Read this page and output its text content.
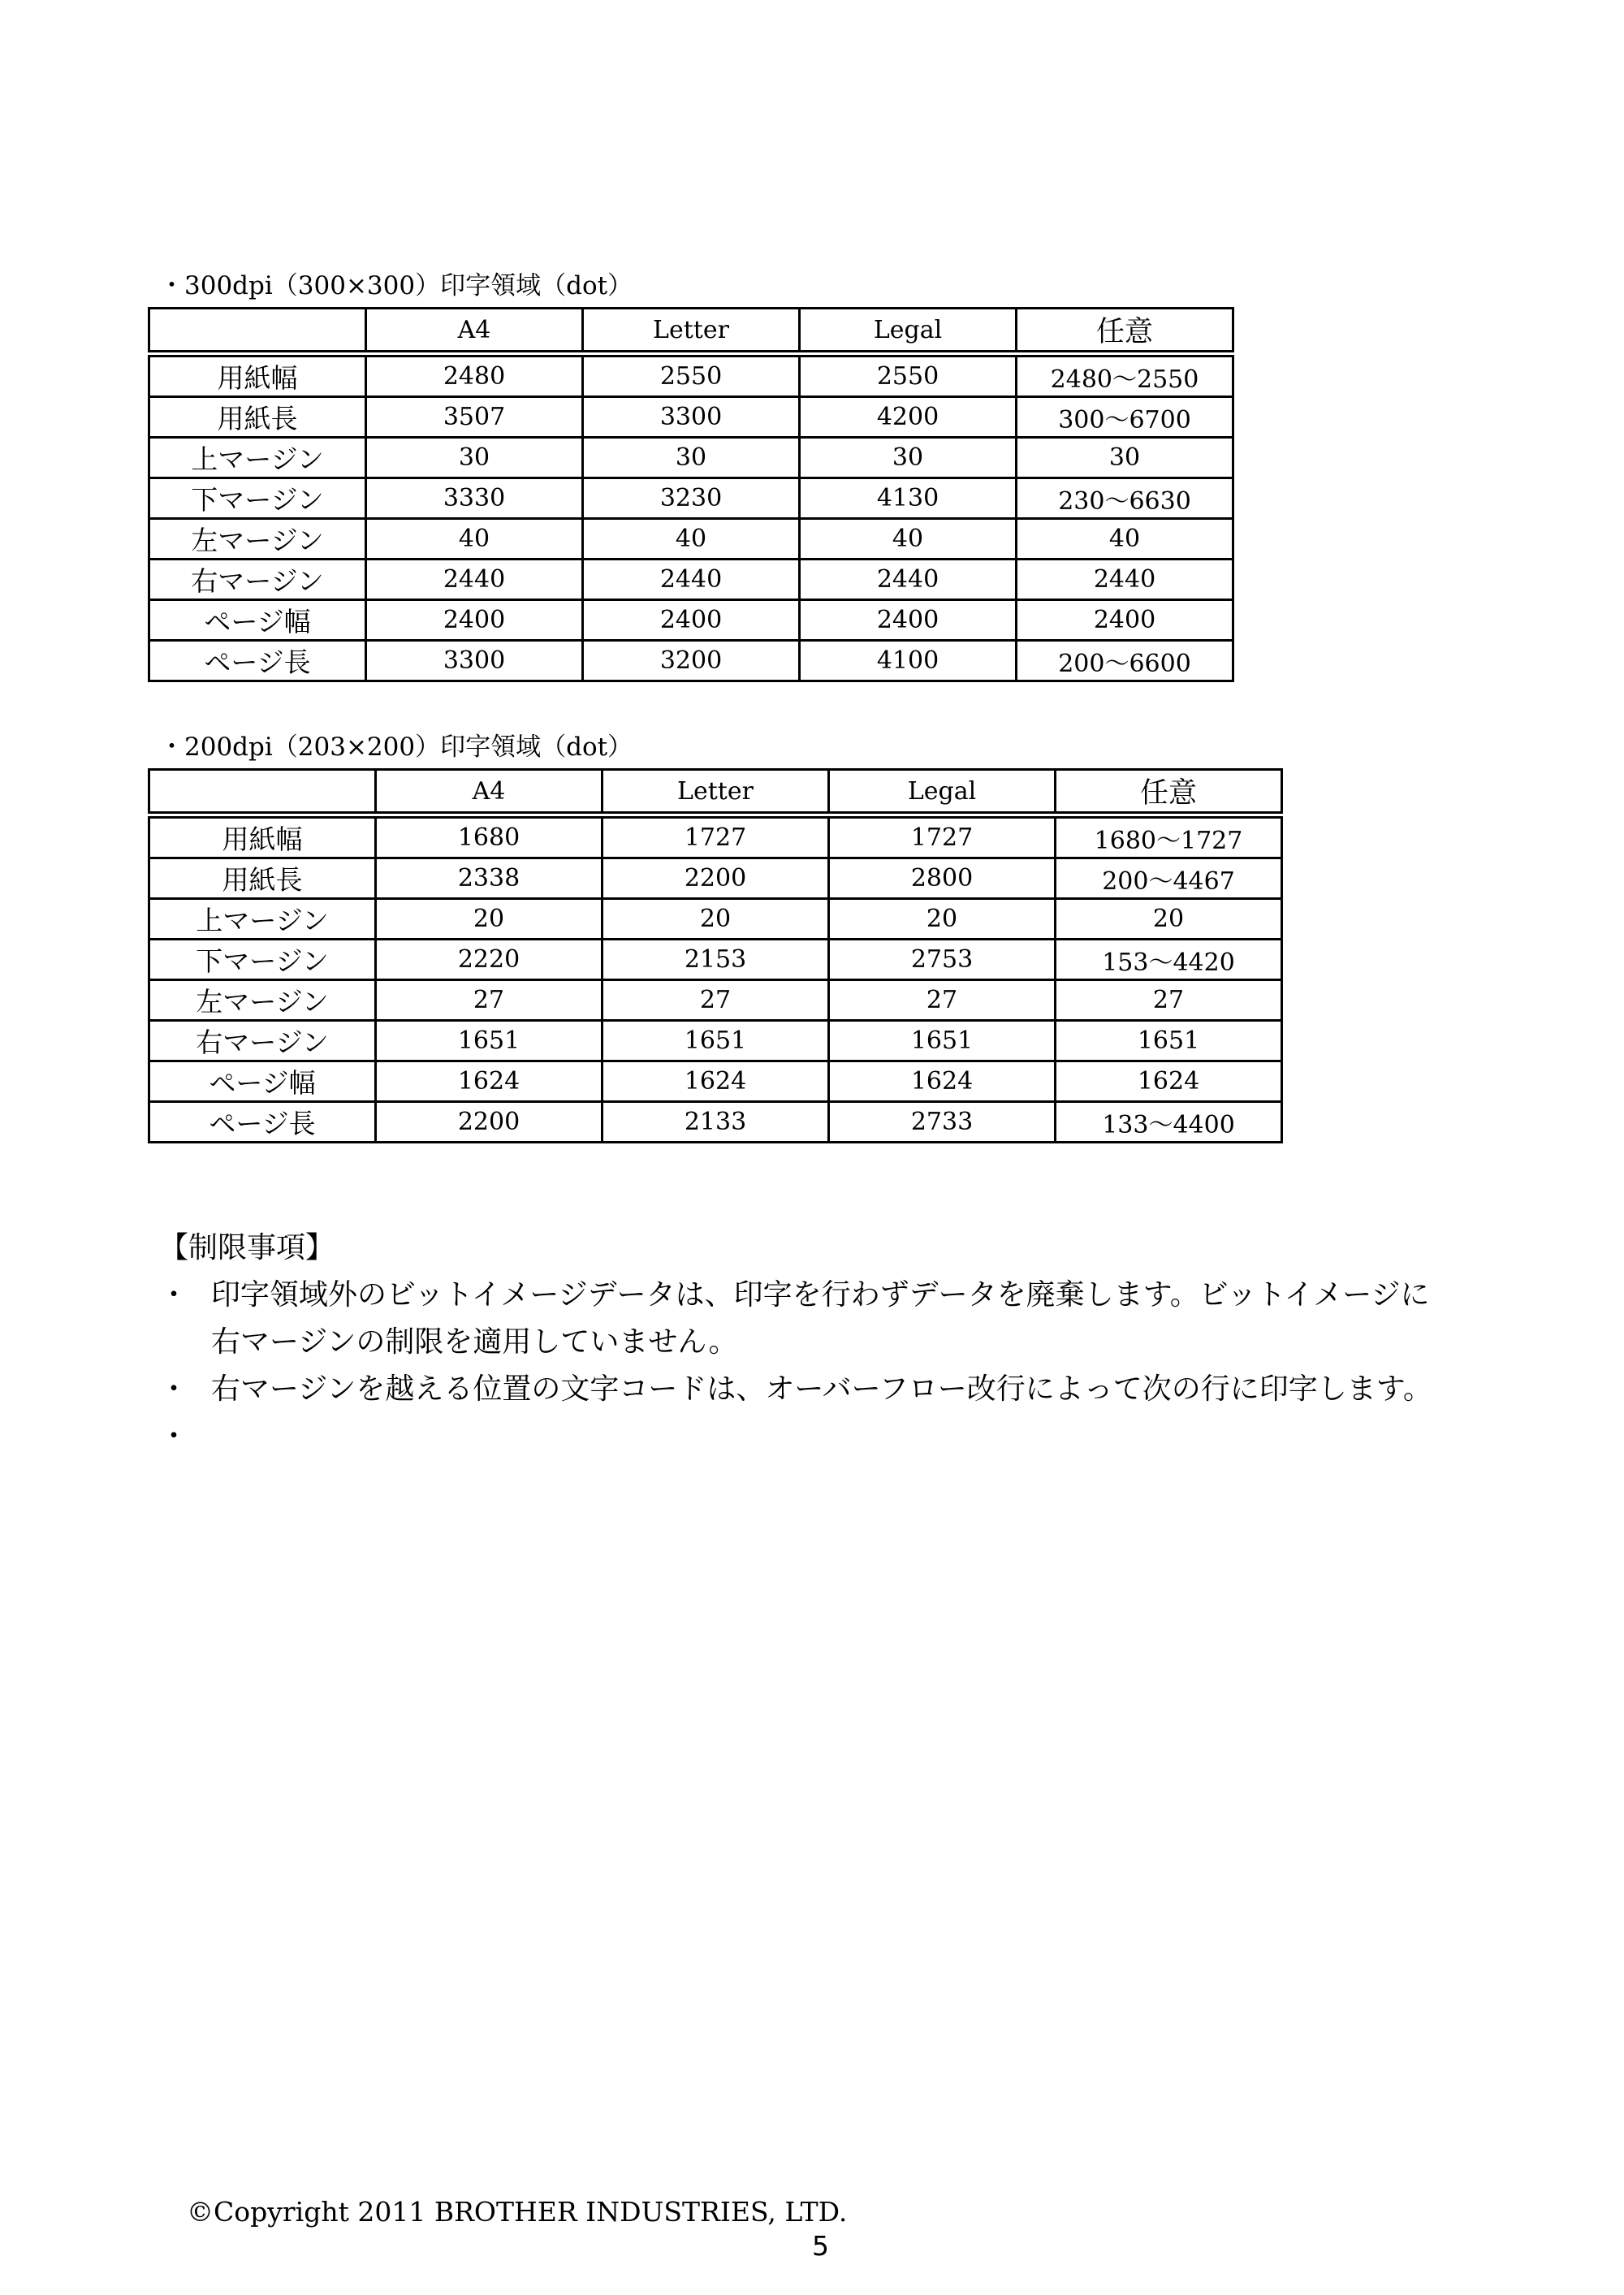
・300dpi（300×300）印字領域（dot）
	A4	Letter	Legal	任意
用紙幅	2480	2550	2550	2480〜2550
用紙長	3507	3300	4200	300〜6700
上マージン	30	30	30	30
下マージン	3330	3230	4130	230〜6630
左マージン	40	40	40	40
右マージン	2440	2440	2440	2440
ページ幅	2400	2400	2400	2400
ページ長	3300	3200	4100	200〜6600
・200dpi（203×200）印字領域（dot）
	A4	Letter	Legal	任意
用紙幅	1680	1727	1727	1680〜1727
用紙長	2338	2200	2800	200〜4467
上マージン	20	20	20	20
下マージン	2220	2153	2753	153〜4420
左マージン	27	27	27	27
右マージン	1651	1651	1651	1651
ページ幅	1624	1624	1624	1624
ページ長	2200	2133	2733	133〜4400
【制限事項】
・ 印字領域外のビットイメージデータは、印字を行わずデータを廃棄します。ビットイメージに
右マージンの制限を適用していません。
・ 右マージンを越える位置の文字コードは、オーバーフロー改行によって次の行に印字します。
・
©Copyright 2011 BROTHER INDUSTRIES, LTD.
5
